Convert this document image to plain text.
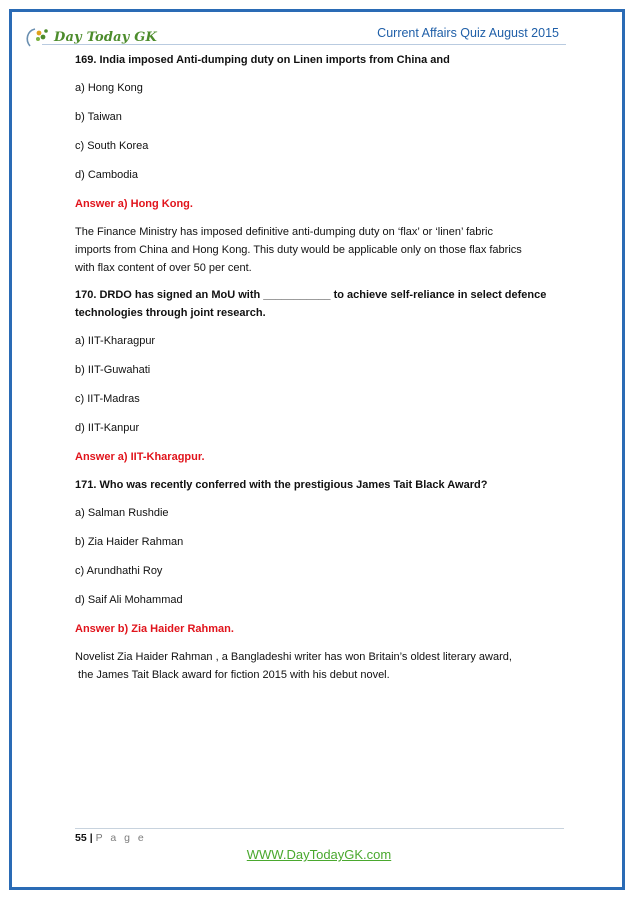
Day Today GK	Current Affairs Quiz August 2015

169. India imposed Anti-dumping duty on Linen imports from China and

a) Hong Kong

b) Taiwan

c) South Korea

d) Cambodia

Answer a) Hong Kong.

The Finance Ministry has imposed definitive anti-dumping duty on ‘flax’ or ‘linen’ fabric
imports from China and Hong Kong. This duty would be applicable only on those flax fabrics
with flax content of over 50 per cent.

170. DRDO has signed an MoU with ___________ to achieve self-reliance in select defence technologies through joint research.

a) IIT-Kharagpur

b) IIT-Guwahati

c) IIT-Madras

d) IIT-Kanpur

Answer a) IIT-Kharagpur.

171. Who was recently conferred with the prestigious James Tait Black Award?

a) Salman Rushdie

b) Zia Haider Rahman

c) Arundhathi Roy

d) Saif Ali Mohammad

Answer b) Zia Haider Rahman.

Novelist Zia Haider Rahman , a Bangladeshi writer has won Britain’s oldest literary award,
the James Tait Black award for fiction 2015 with his debut novel.

55 | P a g e
WWW.DayTodayGK.com
